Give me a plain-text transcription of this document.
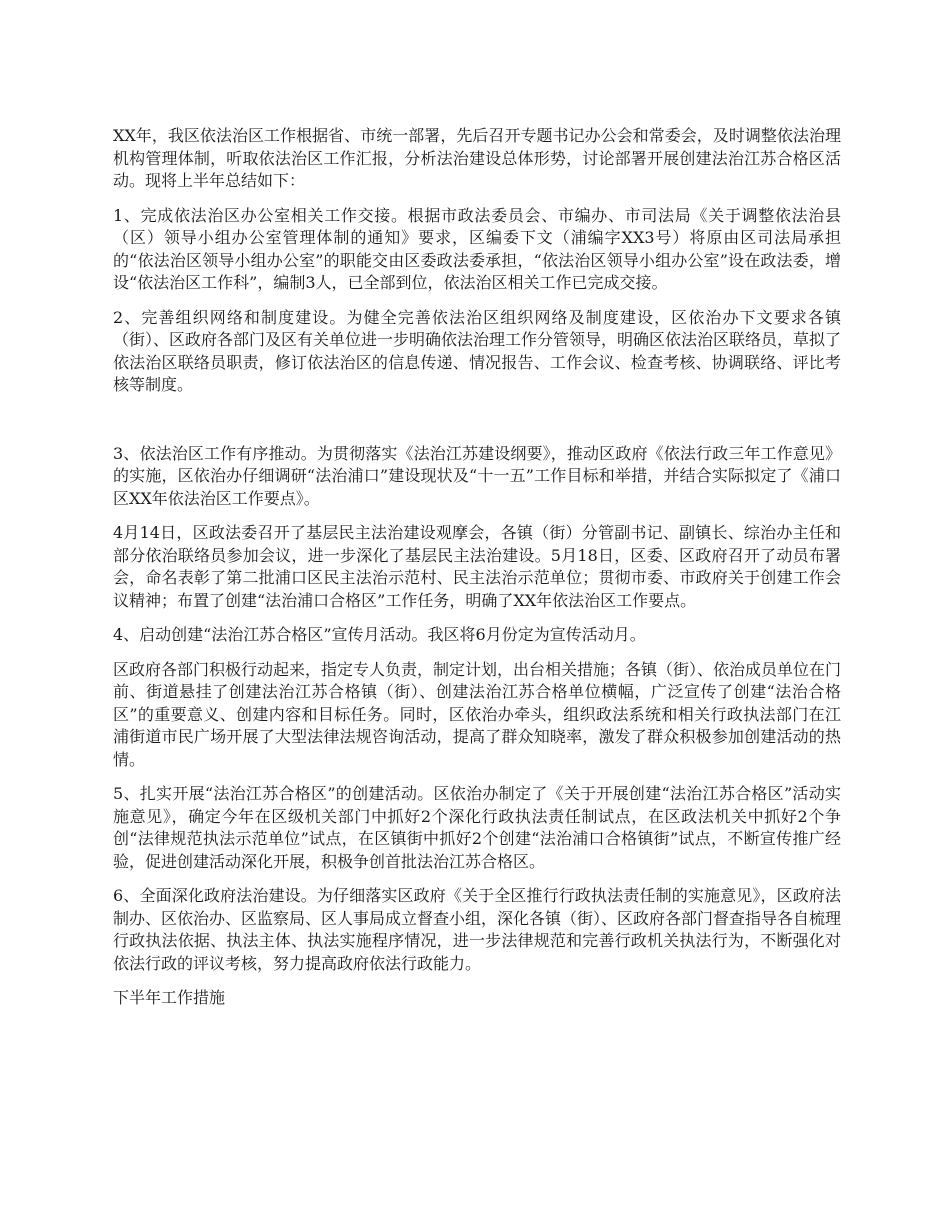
XX年，我区依法治区工作根据省、市统一部署，先后召开专题书记办公会和常委会，及时调整依法治理机构管理体制，听取依法治区工作汇报，分析法治建设总体形势，讨论部署开展创建法治江苏合格区活动。现将上半年总结如下：

1、完成依法治区办公室相关工作交接。根据市政法委员会、市编办、市司法局《关于调整依法治县（区）领导小组办公室管理体制的通知》要求，区编委下文（浦编字XX3号）将原由区司法局承担的“依法治区领导小组办公室”的职能交由区委政法委承担，“依法治区领导小组办公室”设在政法委，增设“依法治区工作科”，编制3人，已全部到位，依法治区相关工作已完成交接。

2、完善组织网络和制度建设。为健全完善依法治区组织网络及制度建设，区依治办下文要求各镇（街）、区政府各部门及区有关单位进一步明确依法治理工作分管领导，明确区依法治区联络员，草拟了依法治区联络员职责，修订依法治区的信息传递、情况报告、工作会议、检查考核、协调联络、评比考核等制度。

3、依法治区工作有序推动。为贯彻落实《法治江苏建设纲要》，推动区政府《依法行政三年工作意见》的实施，区依治办仔细调研“法治浦口”建设现状及“十一五”工作目标和举措，并结合实际拟定了《浦口区XX年依法治区工作要点》。

4月14日，区政法委召开了基层民主法治建设观摩会，各镇（街）分管副书记、副镇长、综治办主任和部分依治联络员参加会议，进一步深化了基层民主法治建设。5月18日，区委、区政府召开了动员布署会，命名表彰了第二批浦口区民主法治示范村、民主法治示范单位；贯彻市委、市政府关于创建工作会议精神；布置了创建“法治浦口合格区”工作任务，明确了XX年依法治区工作要点。

4、启动创建“法治江苏合格区”宣传月活动。我区将6月份定为宣传活动月。

区政府各部门积极行动起来，指定专人负责，制定计划，出台相关措施；各镇（街）、依治成员单位在门前、街道悬挂了创建法治江苏合格镇（街）、创建法治江苏合格单位横幅，广泛宣传了创建“法治合格区”的重要意义、创建内容和目标任务。同时，区依治办牵头，组织政法系统和相关行政执法部门在江浦街道市民广场开展了大型法律法规咨询活动，提高了群众知晓率，激发了群众积极参加创建活动的热情。

5、扎实开展“法治江苏合格区”的创建活动。区依治办制定了《关于开展创建“法治江苏合格区”活动实施意见》，确定今年在区级机关部门中抓好2个深化行政执法责任制试点，在区政法机关中抓好2个争创“法律规范执法示范单位”试点，在区镇街中抓好2个创建“法治浦口合格镇街”试点，不断宣传推广经验，促进创建活动深化开展，积极争创首批法治江苏合格区。

6、全面深化政府法治建设。为仔细落实区政府《关于全区推行行政执法责任制的实施意见》，区政府法制办、区依治办、区监察局、区人事局成立督查小组，深化各镇（街）、区政府各部门督查指导各自梳理行政执法依据、执法主体、执法实施程序情况，进一步法律规范和完善行政机关执法行为，不断强化对依法行政的评议考核，努力提高政府依法行政能力。

下半年工作措施
